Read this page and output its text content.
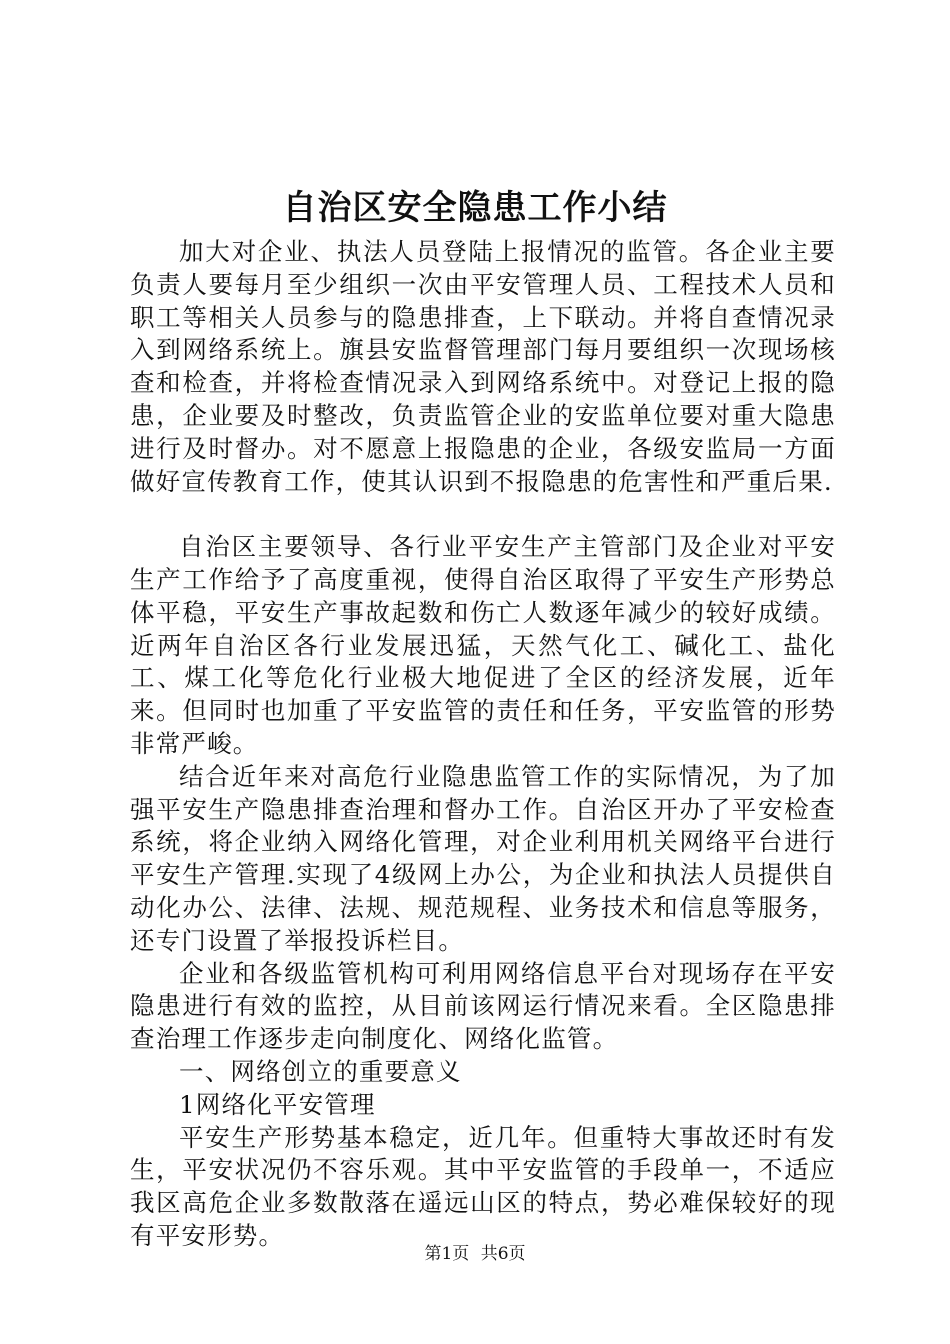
自治区安全隐患工作小结

加大对企业、执法人员登陆上报情况的监管。各企业主要负责人要每月至少组织一次由平安管理人员、工程技术人员和职工等相关人员参与的隐患排查，上下联动。并将自查情况录入到网络系统上。旗县安监督管理部门每月要组织一次现场核查和检查，并将检查情况录入到网络系统中。对登记上报的隐患，企业要及时整改，负责监管企业的安监单位要对重大隐患进行及时督办。对不愿意上报隐患的企业，各级安监局一方面做好宣传教育工作，使其认识到不报隐患的危害性和严重后果.

自治区主要领导、各行业平安生产主管部门及企业对平安生产工作给予了高度重视，使得自治区取得了平安生产形势总体平稳，平安生产事故起数和伤亡人数逐年减少的较好成绩。近两年自治区各行业发展迅猛，天然气化工、碱化工、盐化工、煤工化等危化行业极大地促进了全区的经济发展，近年来。但同时也加重了平安监管的责任和任务，平安监管的形势非常严峻。

结合近年来对高危行业隐患监管工作的实际情况，为了加强平安生产隐患排查治理和督办工作。自治区开办了平安检查系统，将企业纳入网络化管理，对企业利用机关网络平台进行平安生产管理.实现了4级网上办公，为企业和执法人员提供自动化办公、法律、法规、规范规程、业务技术和信息等服务，还专门设置了举报投诉栏目。

企业和各级监管机构可利用网络信息平台对现场存在平安隐患进行有效的监控，从目前该网运行情况来看。全区隐患排查治理工作逐步走向制度化、网络化监管。

一、网络创立的重要意义

1网络化平安管理

平安生产形势基本稳定，近几年。但重特大事故还时有发生，平安状况仍不容乐观。其中平安监管的手段单一，不适应我区高危企业多数散落在遥远山区的特点，势必难保较好的现有平安形势。

第1页 共6页
